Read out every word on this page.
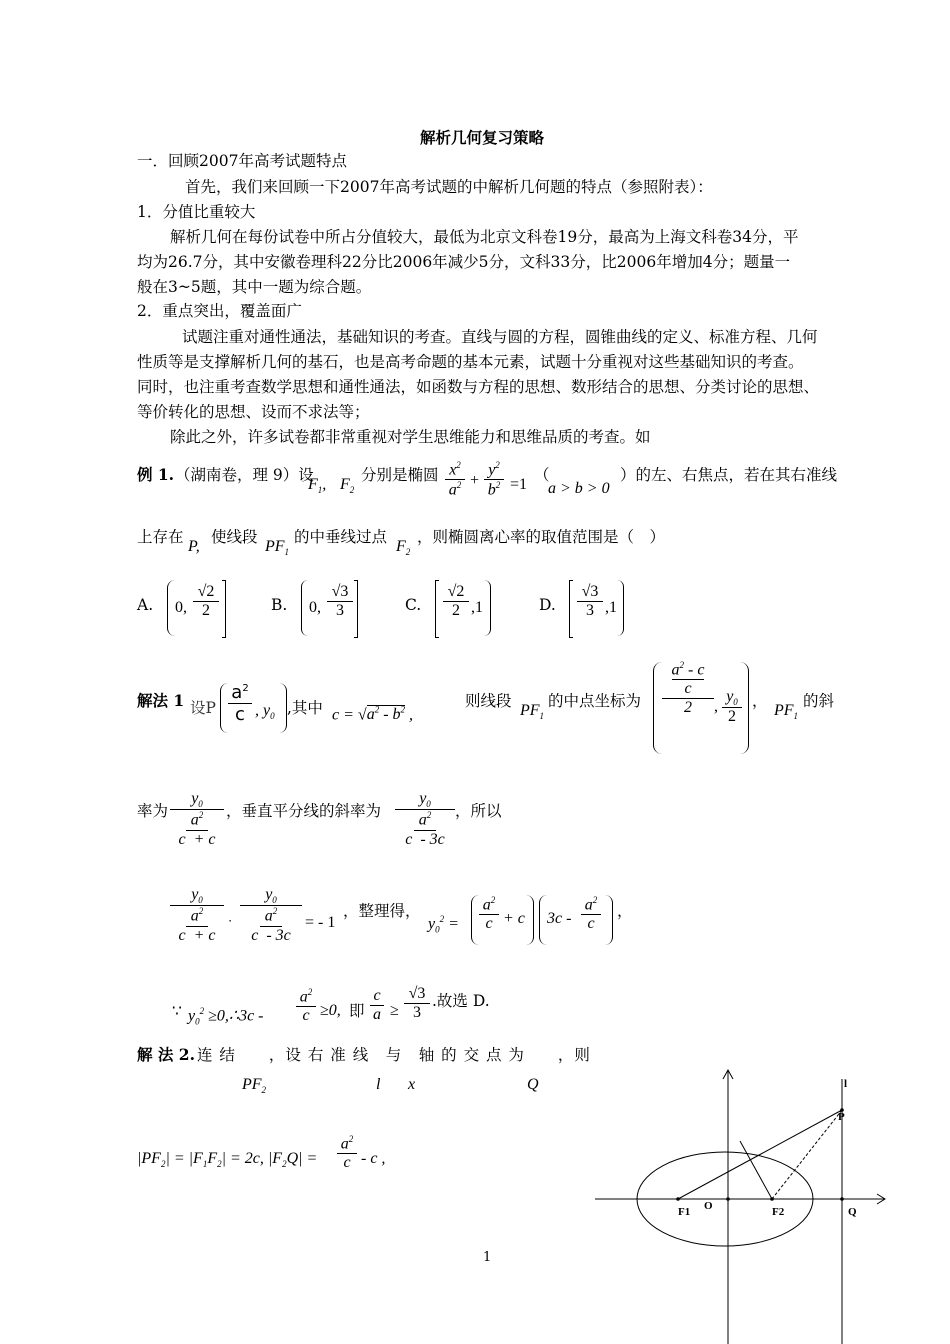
解析几何复习策略
一．回顾2007年高考试题特点
首先，我们来回顾一下2007年高考试题的中解析几何题的特点（参照附表）：
1．分值比重较大
解析几何在每份试卷中所占分值较大，最低为北京文科卷19分，最高为上海文科卷34分，平
均为26.7分，其中安徽卷理科22分比2006年减少5分，文科33分，比2006年增加4分；题量一
般在3~5题，其中一题为综合题。
2．重点突出，覆盖面广
试题注重对通性通法，基础知识的考查。直线与圆的方程，圆锥曲线的定义、标准方程、几何
性质等是支撑解析几何的基石，也是高考命题的基本元素，试题十分重视对这些基础知识的考查。
同时，也注重考查数学思想和通性通法，如函数与方程的思想、数形结合的思想、分类讨论的思想、
等价转化的思想、设而不求法等；
除此之外，许多试卷都非常重视对学生思维能力和思维品质的考查。如
例 1. （湖南卷，理 9）设
$F_1$, $F_2$
分别是椭圆 $x^2$
$a^2$ +
$y^2$
$b^2 =1$
（
a > b > 0
）的左、右焦点，若在其右准线
上存在
P,
使线段
$PF_1$
的中垂线过点
$F_2$
，则椭圆离心率的取值范围是（　）
A. 0,
√2
2	B. 0,
√3
3	C.
√2
2 ,1	D.
√3
3 ,1
解法 1 设P
$a^2$
c , $y_0$ ,其中 $c = √a^2 - b^2$ ,
则线段
$PF_1$
的中点坐标为
$a^2$ - c
c
2 ,
$y_0$
2
，
$PF_1$
的斜
率为
$y_0$
$a^2$
c  + c
，垂直平分线的斜率为
$y_0$
$a^2$
c  - 3c
，所以
$y_0$
$a^2$
c  + c
⋅
$y_0$
$a^2$
c  - 3c
= - 1
，整理得，
$y_0^2$ =
$a^2$
c + c 3c -
$a^2$
c
，
∵ $y_0^2$ ≥0,∴3c -
$a^2$
c ≥0, 即
c
a ≥
√3
3
.故选 D.
解 法 2. 连 结　　，设 右 准 线　与　轴 的 交 点 为　　，则
$PF_2$	l x	Q
$|PF_2| = |F_1F_2| = 2c$, $|F_2Q|$ =
$a^2$
c - c ,
l
P
F1 O	F2	Q
1
